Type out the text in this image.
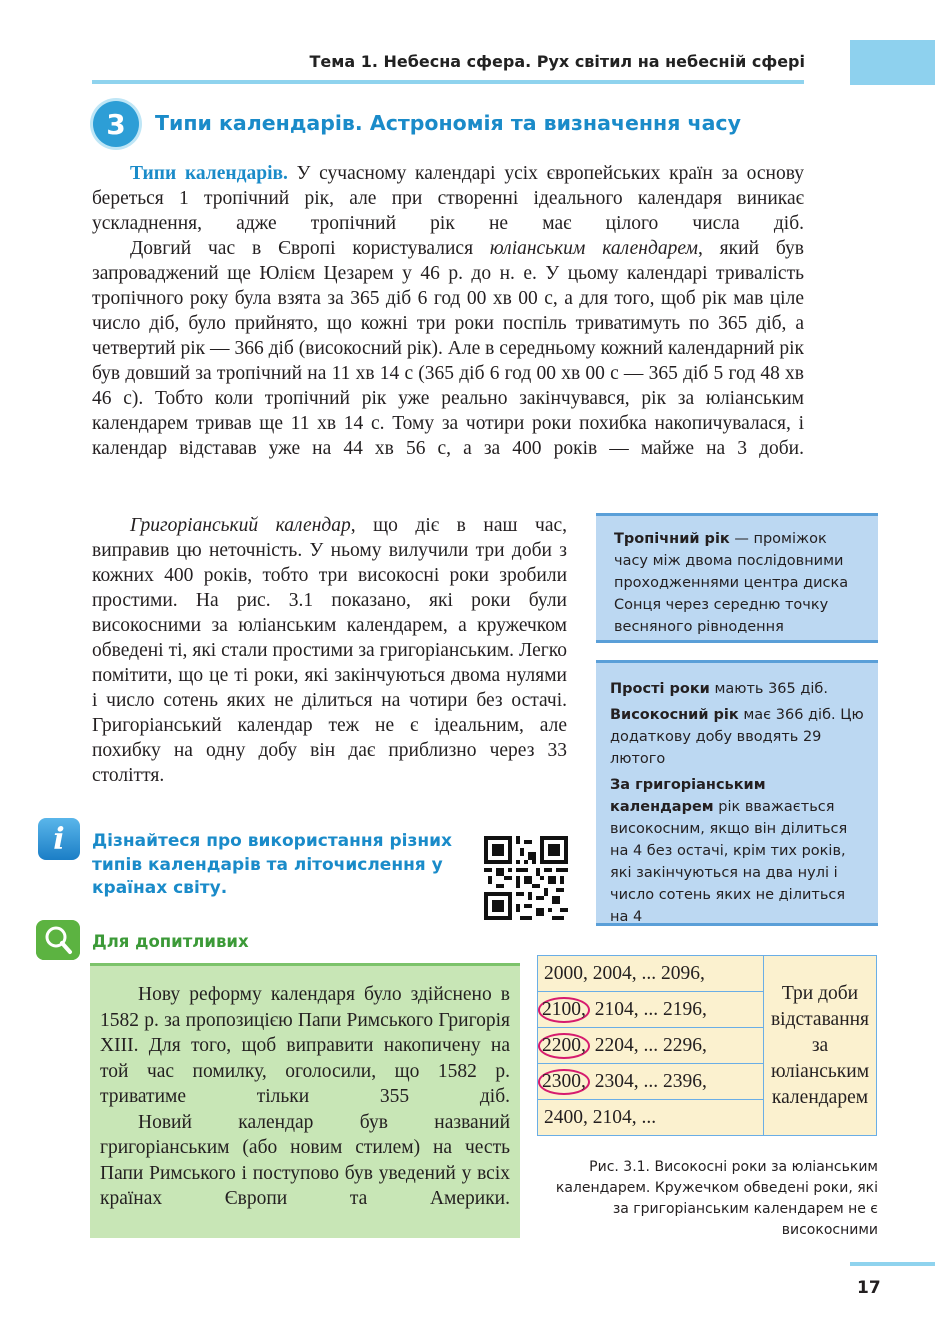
Тема 1. Небесна сфера. Рух світил на небесній сфері
3	Типи календарів. Астрономія та визначення часу
Типи календарів. У сучасному календарі усіх європейських країн за основу береться 1 тропічний рік, але при створенні ідеального календаря виникає ускладнення, адже тропічний рік не має цілого числа діб.
Довгий час в Європі користувалися юліанським календарем, який був запроваджений ще Юлієм Цезарем у 46 р. до н. е. У цьому календарі тривалість тропічного року була взята за 365 діб 6 год 00 хв 00 с, а для того, щоб рік мав ціле число діб, було прийнято, що кожні три роки поспіль триватимуть по 365 діб, а четвертий рік — 366 діб (високосний рік). Але в середньому кожний календарний рік був довший за тропічний на 11 хв 14 с (365 діб 6 год 00 хв 00 с — 365 діб 5 год 48 хв 46 с). Тобто коли тропічний рік уже реально закінчувався, рік за юліанським календарем тривав ще 11 хв 14 с. Тому за чотири роки похибка накопичувалася, і календар відставав уже на 44 хв 56 с, а за 400 років — майже на 3 доби.
Григоріанський календар, що діє в наш час, виправив цю неточність. У ньому вилучили три доби з кожних 400 років, тобто три високосні роки зробили простими. На рис. 3.1 показано, які роки були високосними за юліанським календарем, а кружечком обведені ті, які стали простими за григоріанським. Легко помітити, що це ті роки, які закінчуються двома нулями і число сотень яких не ділиться на чотири без остачі. Григоріанський календар теж не є ідеальним, але похибку на одну добу він дає приблизно через 33 століття.
Тропічний рік — проміжок часу між двома послідовними проходженнями центра диска Сонця через середню точку весняного рівнодення

Прості роки мають 365 діб.

Високосний рік має 366 діб. Цю додаткову добу вводять 29 лютого

За григоріанським календарем рік вважається високосним, якщо він ділиться на 4 без остачі, крім тих років, які закінчуються на два нулі і число сотень яких не ділиться на 4

i	Дізнайтеся про використання різних типів календарів та літочислення у країнах світу.
Для допитливих
Нову реформу календаря було здійснено в 1582 р. за пропозицією Папи Римського Григорія XIII. Для того, щоб виправити накопичену на той час помилку, оголосили, що 1582 р. триватиме тільки 355 діб.
Новий календар був названий григоріанським (або новим стилем) на честь Папи Римського і поступово був уведений у всіх країнах Європи та Америки.
2000, 2004, ... 2096,	Три доби відставання за юліанським календарем
2100, 2104, ... 2196,
2200, 2204, ... 2296,
2300, 2304, ... 2396,
2400, 2104, ...
Рис. 3.1. Високосні роки за юліанським календарем. Кружечком обведені роки, які за григоріанським календарем не є високосними
17
